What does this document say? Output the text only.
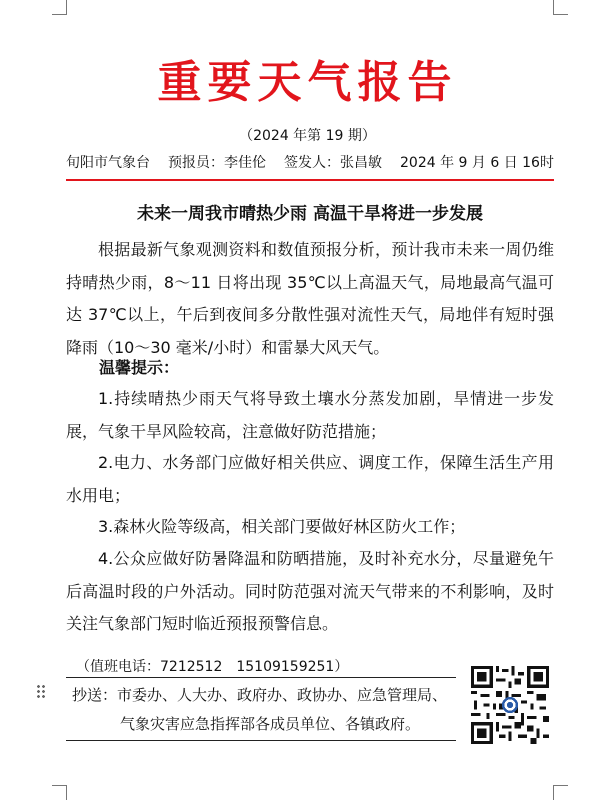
重要天气报告
（2024 年第 19 期）
旬阳市气象台 预报员：李佳伦 签发人：张昌敏 2024 年 9 月 6 日 16时
未来一周我市晴热少雨 高温干旱将进一步发展
根据最新气象观测资料和数值预报分析，预计我市未来一周仍维持晴热少雨，8～11 日将出现 35℃以上高温天气，局地最高气温可达 37℃以上，午后到夜间多分散性强对流性天气，局地伴有短时强降雨（10～30 毫米/小时）和雷暴大风天气。
温馨提示：
1.持续晴热少雨天气将导致土壤水分蒸发加剧，旱情进一步发展，气象干旱风险较高，注意做好防范措施；
2.电力、水务部门应做好相关供应、调度工作，保障生活生产用水用电；
3.森林火险等级高，相关部门要做好林区防火工作；
4.公众应做好防暑降温和防晒措施，及时补充水分，尽量避免午后高温时段的户外活动。同时防范强对流天气带来的不利影响，及时关注气象部门短时临近预报预警信息。
（值班电话：7212512　15109159251）
抄送：市委办、人大办、政府办、政协办、应急管理局、
气象灾害应急指挥部各成员单位、各镇政府。
